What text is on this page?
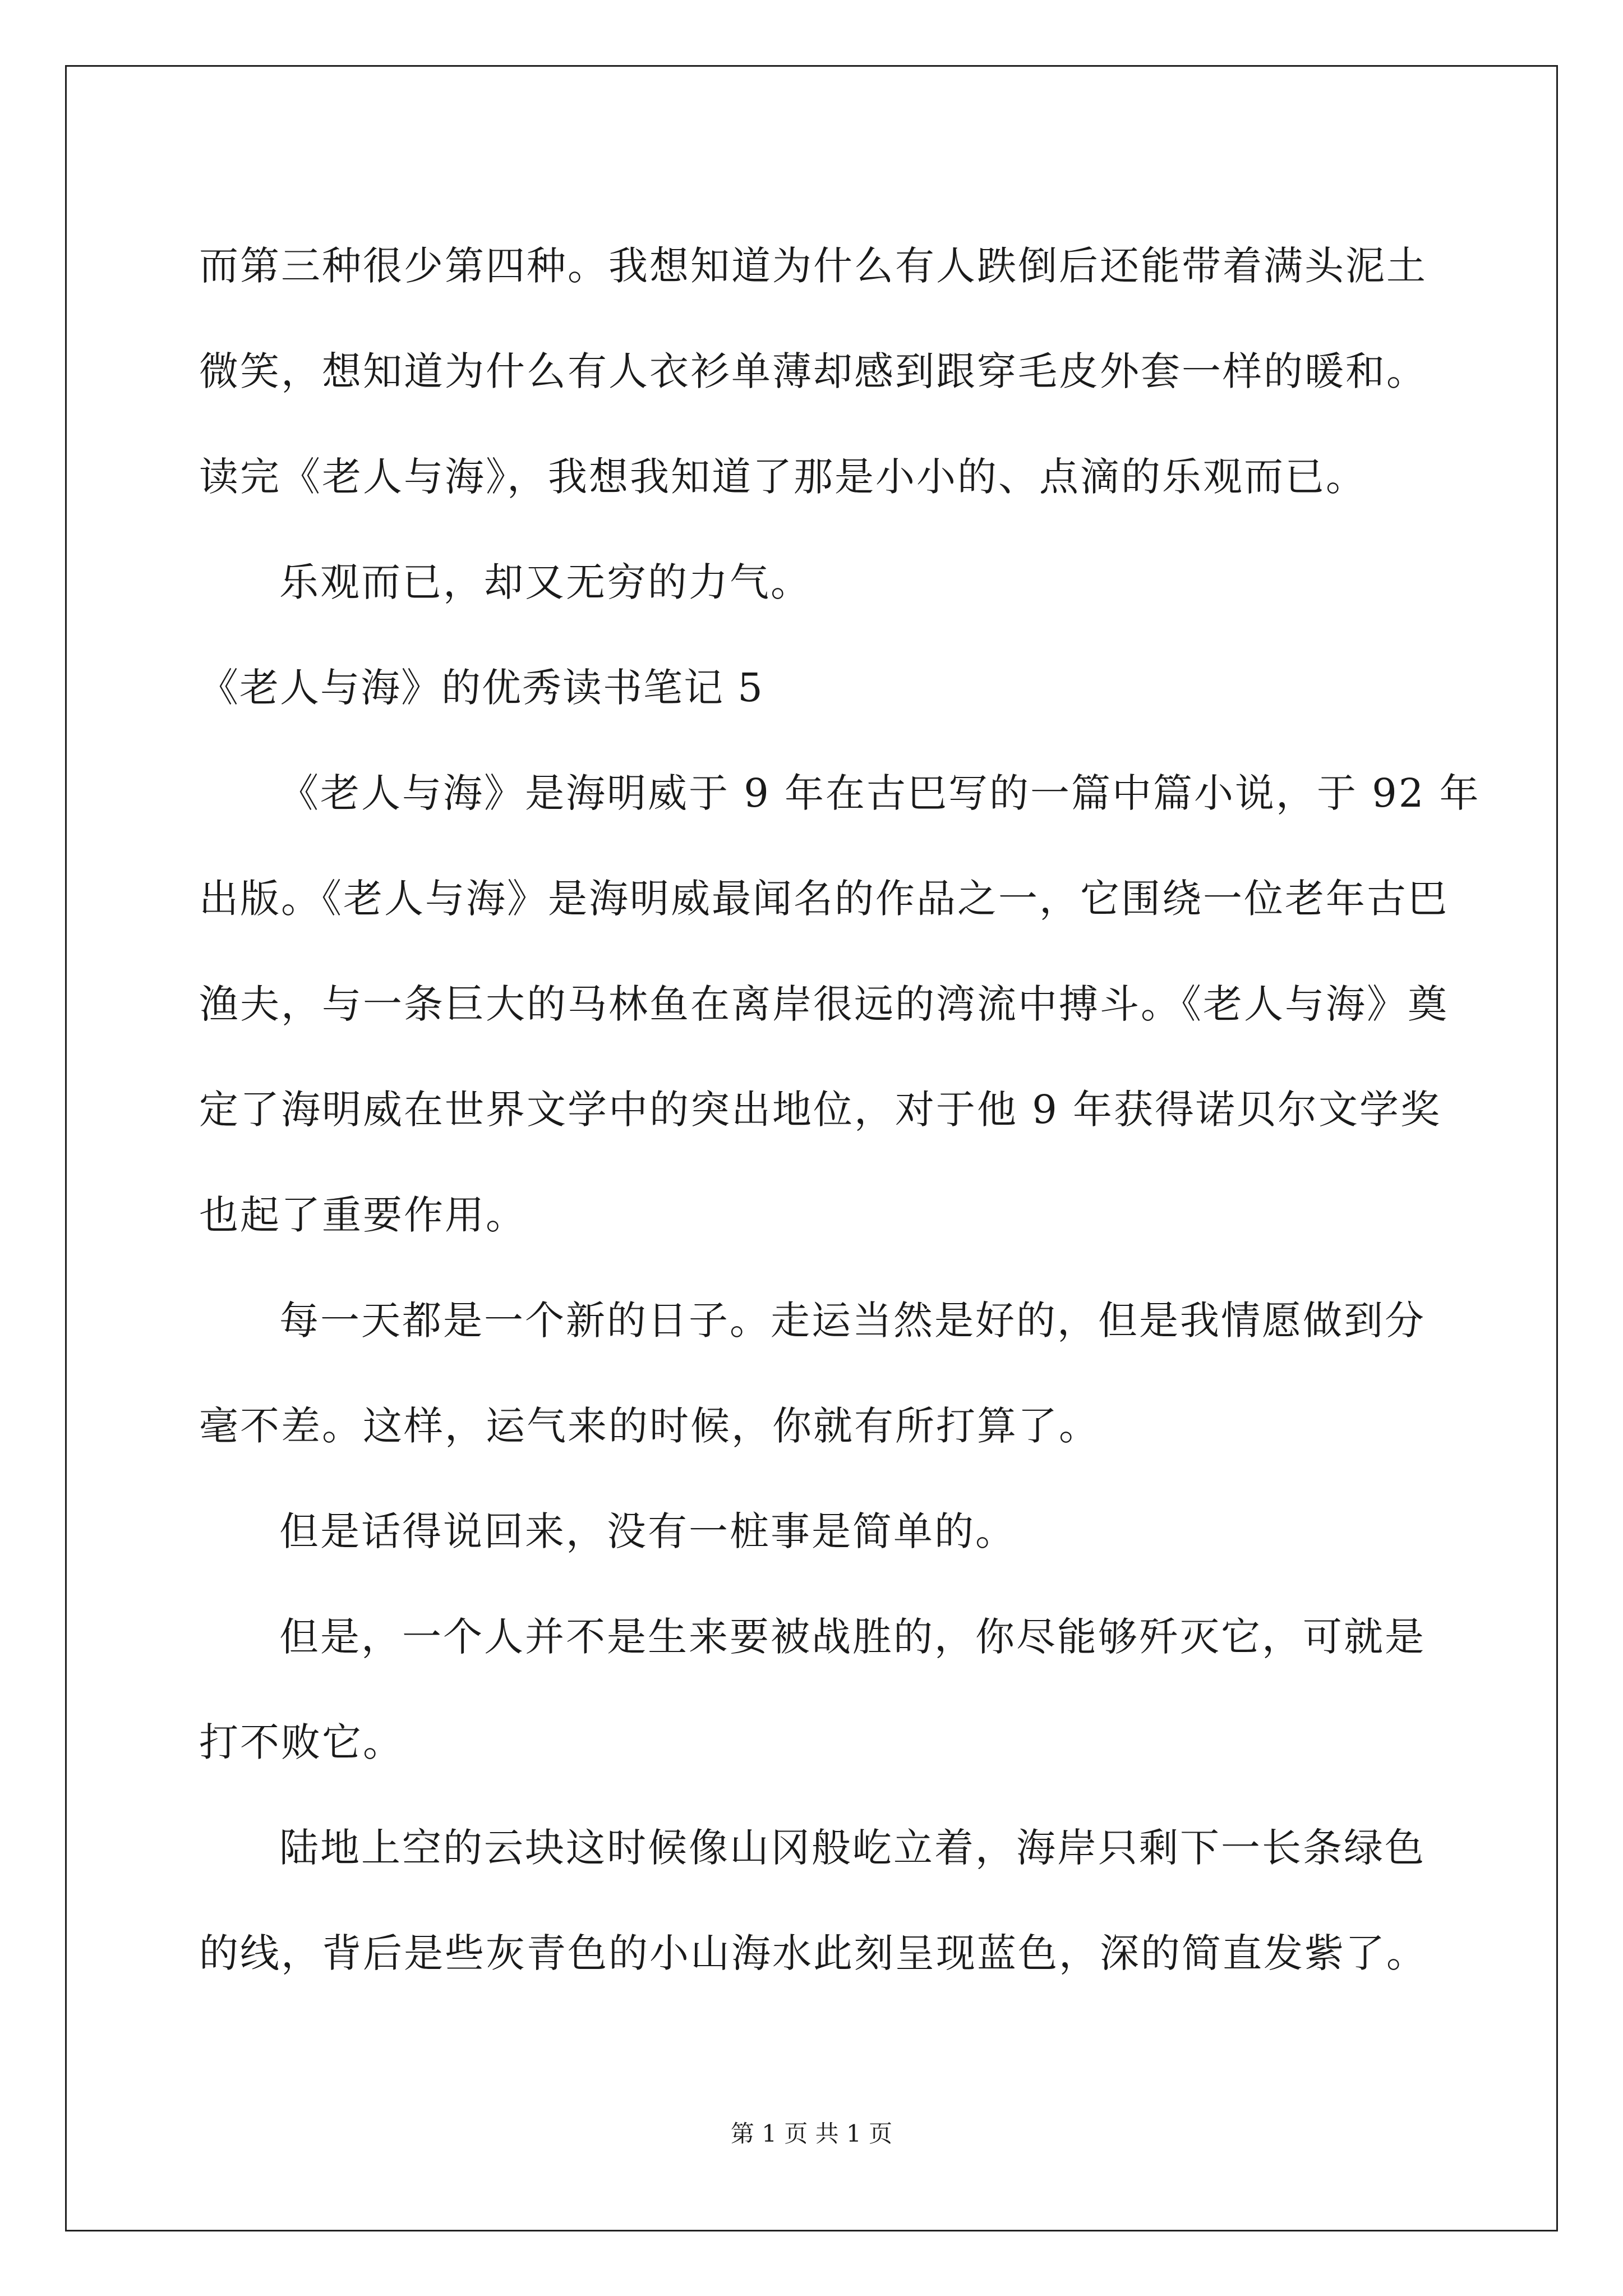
而第三种很少第四种。我想知道为什么有人跌倒后还能带着满头泥土
微笑，想知道为什么有人衣衫单薄却感到跟穿毛皮外套一样的暖和。
读完《老人与海》，我想我知道了那是小小的、点滴的乐观而已。
乐观而已，却又无穷的力气。
《老人与海》的优秀读书笔记 5
《老人与海》是海明威于 9 年在古巴写的一篇中篇小说，于 92 年
出版。《老人与海》是海明威最闻名的作品之一，它围绕一位老年古巴
渔夫，与一条巨大的马林鱼在离岸很远的湾流中搏斗。《老人与海》奠
定了海明威在世界文学中的突出地位，对于他 9 年获得诺贝尔文学奖
也起了重要作用。
每一天都是一个新的日子。走运当然是好的，但是我情愿做到分
毫不差。这样，运气来的时候，你就有所打算了。
但是话得说回来，没有一桩事是简单的。
但是，一个人并不是生来要被战胜的，你尽能够歼灭它，可就是
打不败它。
陆地上空的云块这时候像山冈般屹立着，海岸只剩下一长条绿色
的线，背后是些灰青色的小山海水此刻呈现蓝色，深的简直发紫了。
第 1 页 共 1 页
